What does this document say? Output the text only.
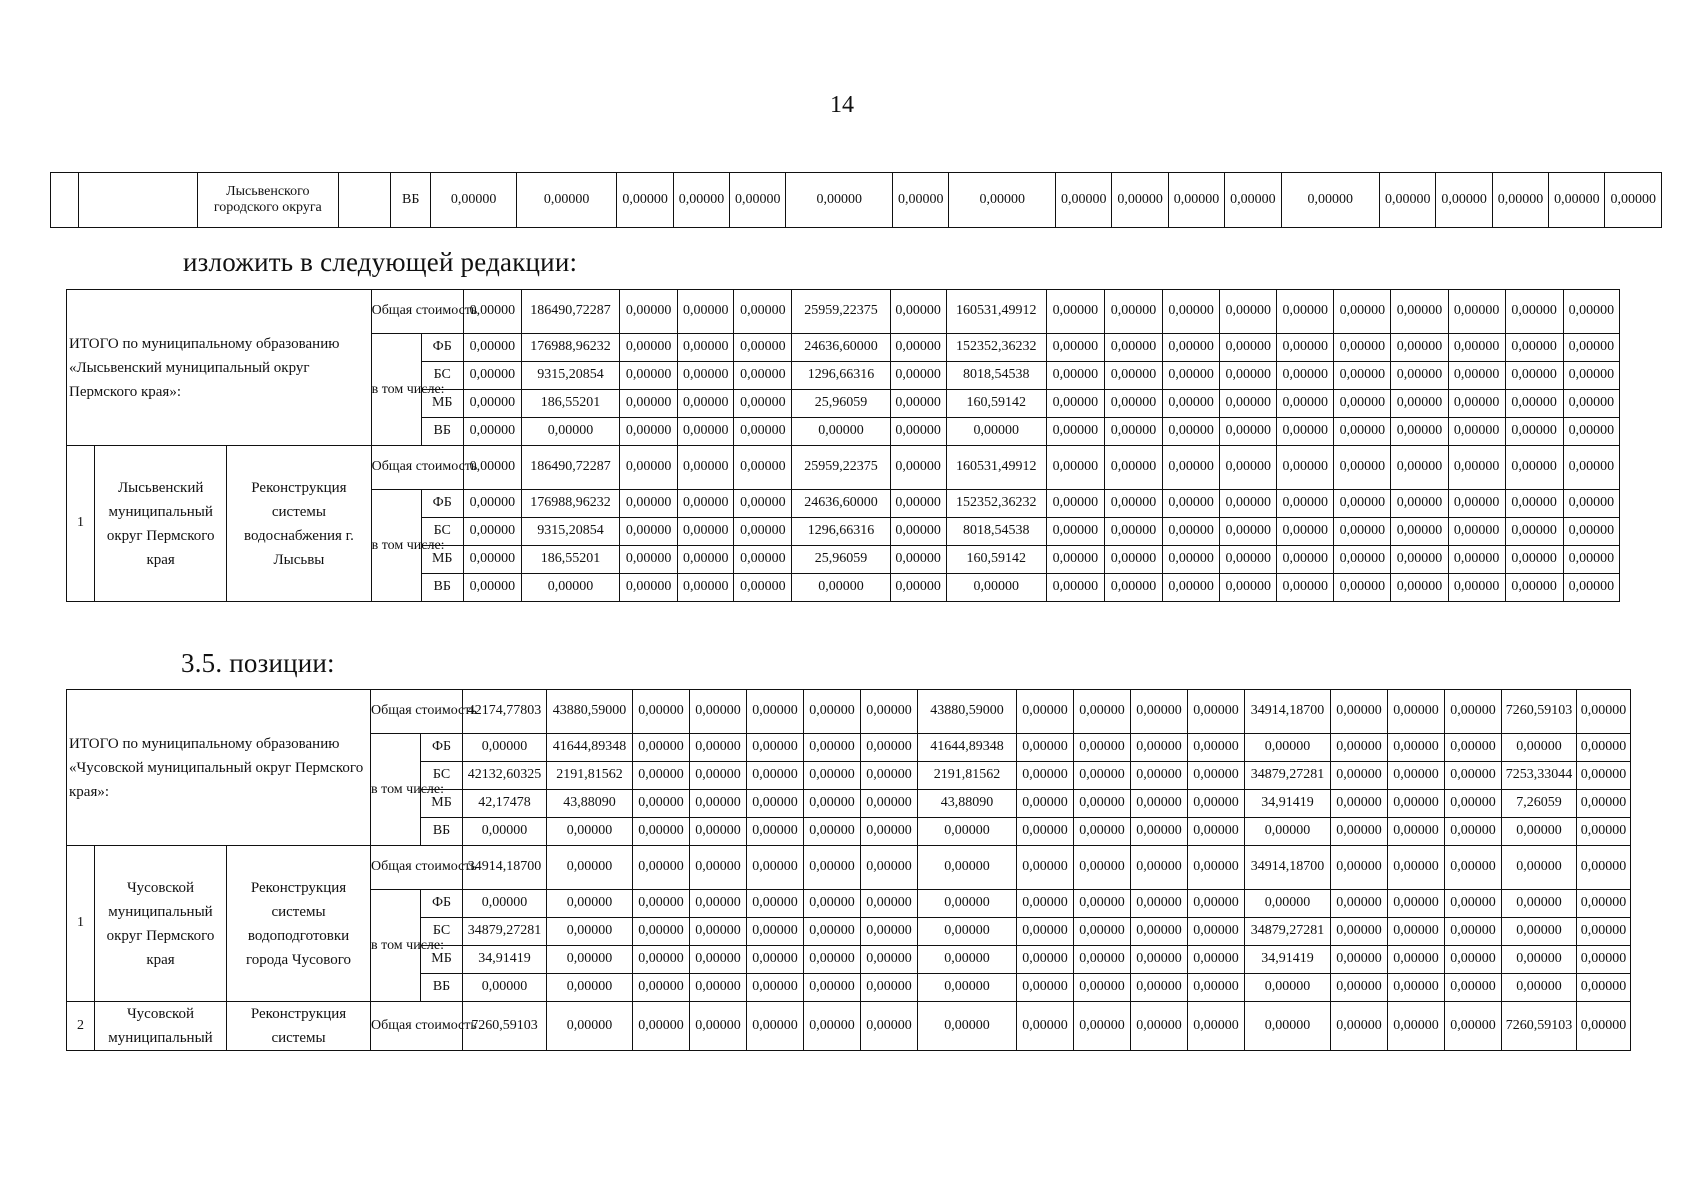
14
		Лысьвенского городского округа		ВБ	0,00000	0,00000	0,00000	0,00000	0,00000	0,00000	0,00000	0,00000	0,00000	0,00000	0,00000	0,00000	0,00000	0,00000	0,00000	0,00000	0,00000	0,00000
изложить в следующей редакции:
ИТОГО по муниципальному образованию «Лысьвенский муниципальный округ Пермского края»:			Общая стоимость		0,00000	186490,72287	0,00000	0,00000	0,00000	25959,22375	0,00000	160531,49912	0,00000	0,00000	0,00000	0,00000	0,00000	0,00000	0,00000	0,00000	0,00000	0,00000
			в том числе:	ФБ	0,00000	176988,96232	0,00000	0,00000	0,00000	24636,60000	0,00000	152352,36232	0,00000	0,00000	0,00000	0,00000	0,00000	0,00000	0,00000	0,00000	0,00000	0,00000
				БС	0,00000	9315,20854	0,00000	0,00000	0,00000	1296,66316	0,00000	8018,54538	0,00000	0,00000	0,00000	0,00000	0,00000	0,00000	0,00000	0,00000	0,00000	0,00000
				МБ	0,00000	186,55201	0,00000	0,00000	0,00000	25,96059	0,00000	160,59142	0,00000	0,00000	0,00000	0,00000	0,00000	0,00000	0,00000	0,00000	0,00000	0,00000
				ВБ	0,00000	0,00000	0,00000	0,00000	0,00000	0,00000	0,00000	0,00000	0,00000	0,00000	0,00000	0,00000	0,00000	0,00000	0,00000	0,00000	0,00000	0,00000
1	Лысьвенский муниципальный округ Пермского края	Реконструкция системы водоснабжения г. Лысьвы	Общая стоимость		0,00000	186490,72287	0,00000	0,00000	0,00000	25959,22375	0,00000	160531,49912	0,00000	0,00000	0,00000	0,00000	0,00000	0,00000	0,00000	0,00000	0,00000	0,00000
			в том числе:	ФБ	0,00000	176988,96232	0,00000	0,00000	0,00000	24636,60000	0,00000	152352,36232	0,00000	0,00000	0,00000	0,00000	0,00000	0,00000	0,00000	0,00000	0,00000	0,00000
				БС	0,00000	9315,20854	0,00000	0,00000	0,00000	1296,66316	0,00000	8018,54538	0,00000	0,00000	0,00000	0,00000	0,00000	0,00000	0,00000	0,00000	0,00000	0,00000
				МБ	0,00000	186,55201	0,00000	0,00000	0,00000	25,96059	0,00000	160,59142	0,00000	0,00000	0,00000	0,00000	0,00000	0,00000	0,00000	0,00000	0,00000	0,00000
				ВБ	0,00000	0,00000	0,00000	0,00000	0,00000	0,00000	0,00000	0,00000	0,00000	0,00000	0,00000	0,00000	0,00000	0,00000	0,00000	0,00000	0,00000	0,00000
3.5. позиции:
ИТОГО по муниципальному образованию «Чусовской муниципальный округ Пермского края»:			Общая стоимость		42174,77803	43880,59000	0,00000	0,00000	0,00000	0,00000	0,00000	43880,59000	0,00000	0,00000	0,00000	0,00000	34914,18700	0,00000	0,00000	0,00000	7260,59103	0,00000
			в том числе:	ФБ	0,00000	41644,89348	0,00000	0,00000	0,00000	0,00000	0,00000	41644,89348	0,00000	0,00000	0,00000	0,00000	0,00000	0,00000	0,00000	0,00000	0,00000	0,00000
				БС	42132,60325	2191,81562	0,00000	0,00000	0,00000	0,00000	0,00000	2191,81562	0,00000	0,00000	0,00000	0,00000	34879,27281	0,00000	0,00000	0,00000	7253,33044	0,00000
				МБ	42,17478	43,88090	0,00000	0,00000	0,00000	0,00000	0,00000	43,88090	0,00000	0,00000	0,00000	0,00000	34,91419	0,00000	0,00000	0,00000	7,26059	0,00000
				ВБ	0,00000	0,00000	0,00000	0,00000	0,00000	0,00000	0,00000	0,00000	0,00000	0,00000	0,00000	0,00000	0,00000	0,00000	0,00000	0,00000	0,00000	0,00000
1	Чусовской муниципальный округ Пермского края	Реконструкция системы водоподготовки города Чусового	Общая стоимость		34914,18700	0,00000	0,00000	0,00000	0,00000	0,00000	0,00000	0,00000	0,00000	0,00000	0,00000	0,00000	34914,18700	0,00000	0,00000	0,00000	0,00000	0,00000
			в том числе:	ФБ	0,00000	0,00000	0,00000	0,00000	0,00000	0,00000	0,00000	0,00000	0,00000	0,00000	0,00000	0,00000	0,00000	0,00000	0,00000	0,00000	0,00000	0,00000
				БС	34879,27281	0,00000	0,00000	0,00000	0,00000	0,00000	0,00000	0,00000	0,00000	0,00000	0,00000	0,00000	34879,27281	0,00000	0,00000	0,00000	0,00000	0,00000
				МБ	34,91419	0,00000	0,00000	0,00000	0,00000	0,00000	0,00000	0,00000	0,00000	0,00000	0,00000	0,00000	34,91419	0,00000	0,00000	0,00000	0,00000	0,00000
				ВБ	0,00000	0,00000	0,00000	0,00000	0,00000	0,00000	0,00000	0,00000	0,00000	0,00000	0,00000	0,00000	0,00000	0,00000	0,00000	0,00000	0,00000	0,00000
2	Чусовской муниципальный	Реконструкция системы	Общая стоимость		7260,59103	0,00000	0,00000	0,00000	0,00000	0,00000	0,00000	0,00000	0,00000	0,00000	0,00000	0,00000	0,00000	0,00000	0,00000	0,00000	7260,59103	0,00000
